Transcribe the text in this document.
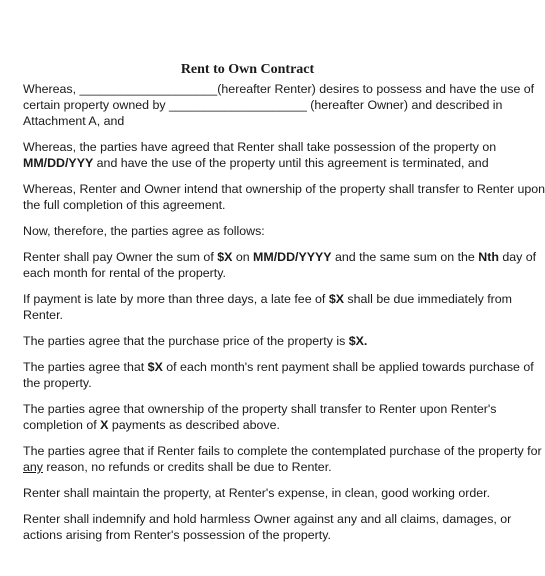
Rent to Own Contract
Whereas, ____________________(hereafter Renter) desires to possess and have the use of
certain property owned by ____________________ (hereafter Owner) and described in
Attachment A, and
Whereas, the parties have agreed that Renter shall take possession of the property on
MM/DD/YYY and have the use of the property until this agreement is terminated, and
Whereas, Renter and Owner intend that ownership of the property shall transfer to Renter upon
the full completion of this agreement.
Now, therefore, the parties agree as follows:
Renter shall pay Owner the sum of $X on MM/DD/YYYY and the same sum on the Nth day of
each month for rental of the property.
If payment is late by more than three days, a late fee of $X shall be due immediately from
Renter.
The parties agree that the purchase price of the property is $X.
The parties agree that $X of each month's rent payment shall be applied towards purchase of
the property.
The parties agree that ownership of the property shall transfer to Renter upon Renter's
completion of X payments as described above.
The parties agree that if Renter fails to complete the contemplated purchase of the property for
any reason, no refunds or credits shall be due to Renter.
Renter shall maintain the property, at Renter's expense, in clean, good working order.
Renter shall indemnify and hold harmless Owner against any and all claims, damages, or
actions arising from Renter's possession of the property.
